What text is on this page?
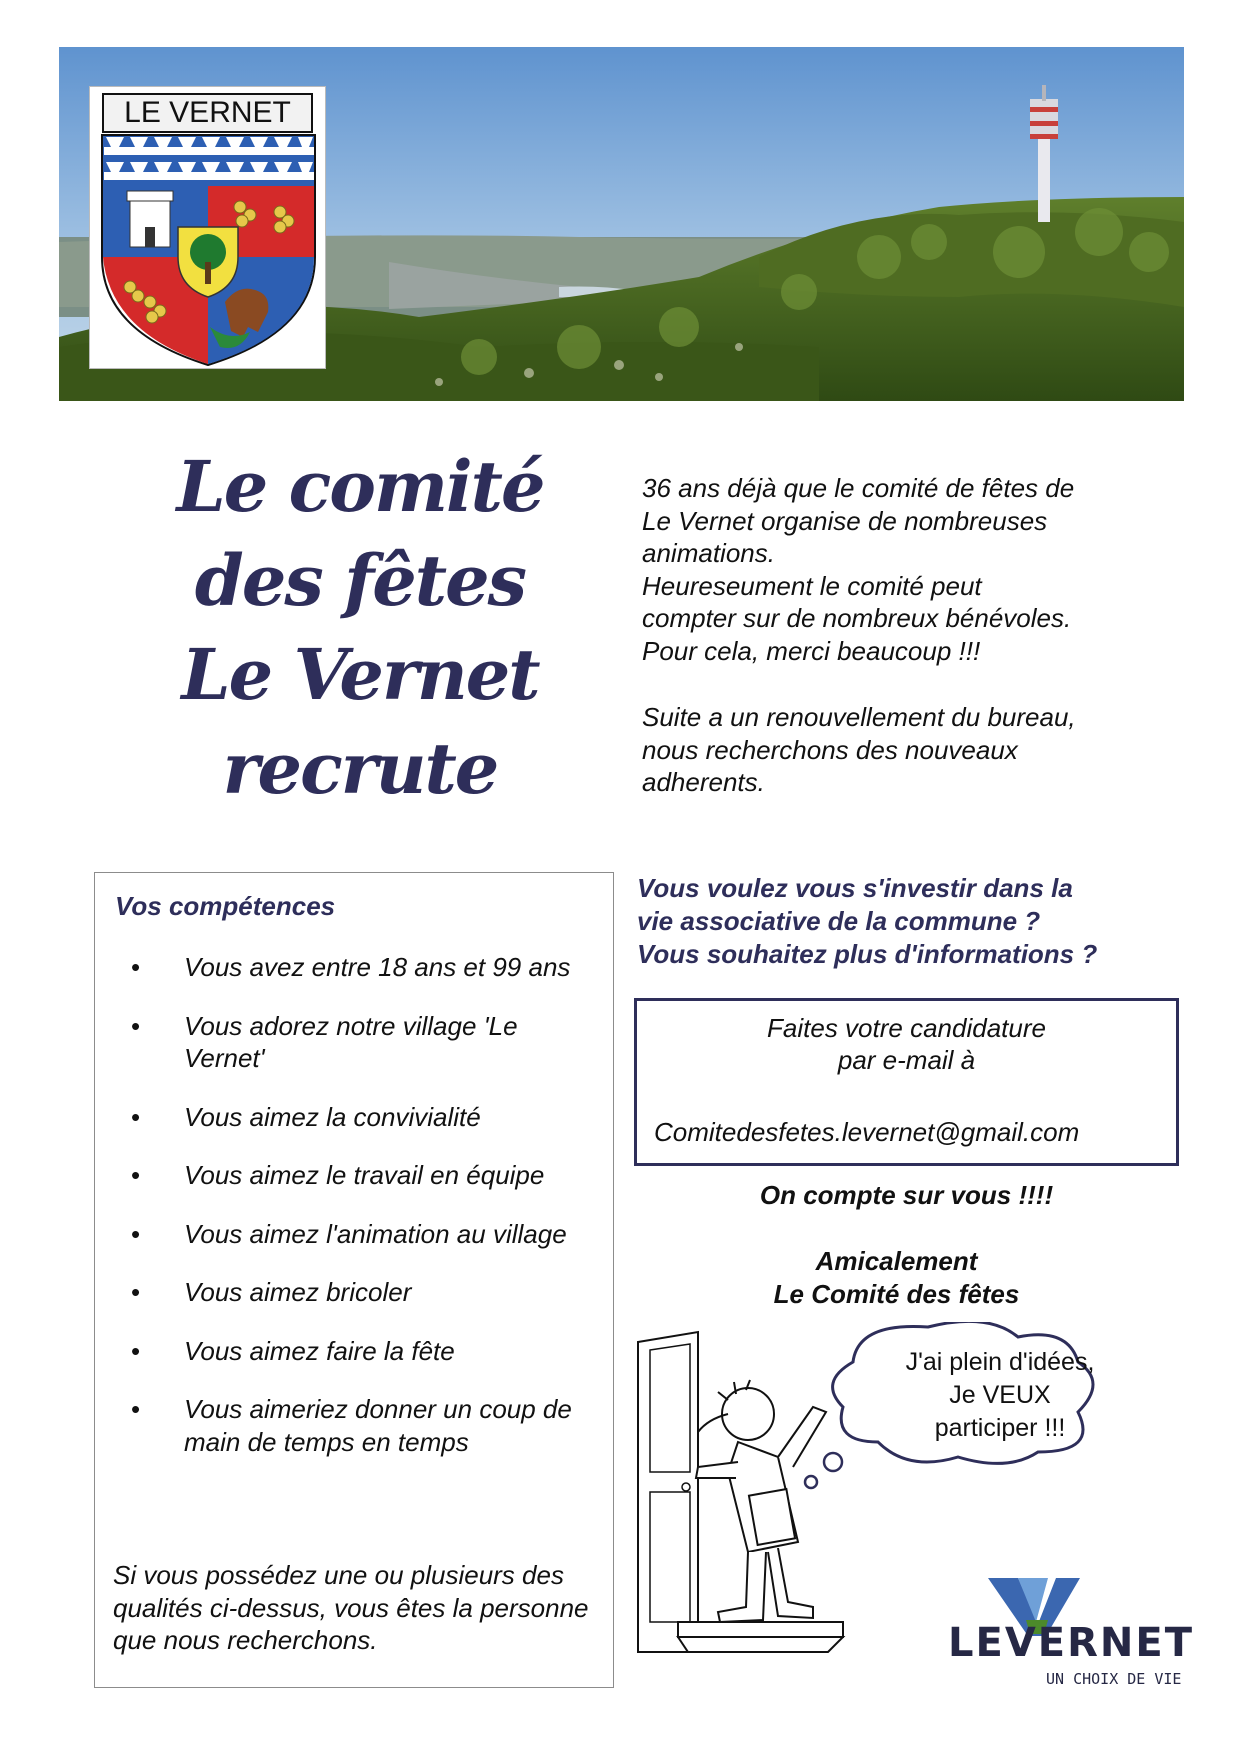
LE VERNET
Le comité
des fêtes
Le Vernet
recrute

36 ans déjà que le comité de fêtes de

Le Vernet organise de nombreuses

animations.

Heureseument le comité peut

compter sur de nombreux bénévoles.

Pour cela, merci beaucoup !!!

Suite a un renouvellement du bureau,

nous recherchons des nouveaux

adherents.

Vos compétences
• Vous avez entre 18 ans et 99 ans
• Vous adorez notre village 'Le Vernet'
• Vous aimez la convivialité
• Vous aimez le travail en équipe
• Vous aimez l'animation au village
• Vous aimez bricoler
• Vous aimez faire la fête
• Vous aimeriez donner un coup de main de temps en temps
Si vous possédez une ou plusieurs des qualités ci-dessus, vous êtes la personne que nous recherchons.
Vous voulez vous s'investir dans la
vie associative de la commune ?
Vous souhaitez plus d'informations ?
Faites votre candidature
par e-mail à
Comitedesfetes.levernet@gmail.com
On compte sur vous !!!!
Amicalement
Le Comité des fêtes
J'ai plein d'idées,
Je VEUX
participer !!!
LEVERNET
UN CHOIX DE VIE
